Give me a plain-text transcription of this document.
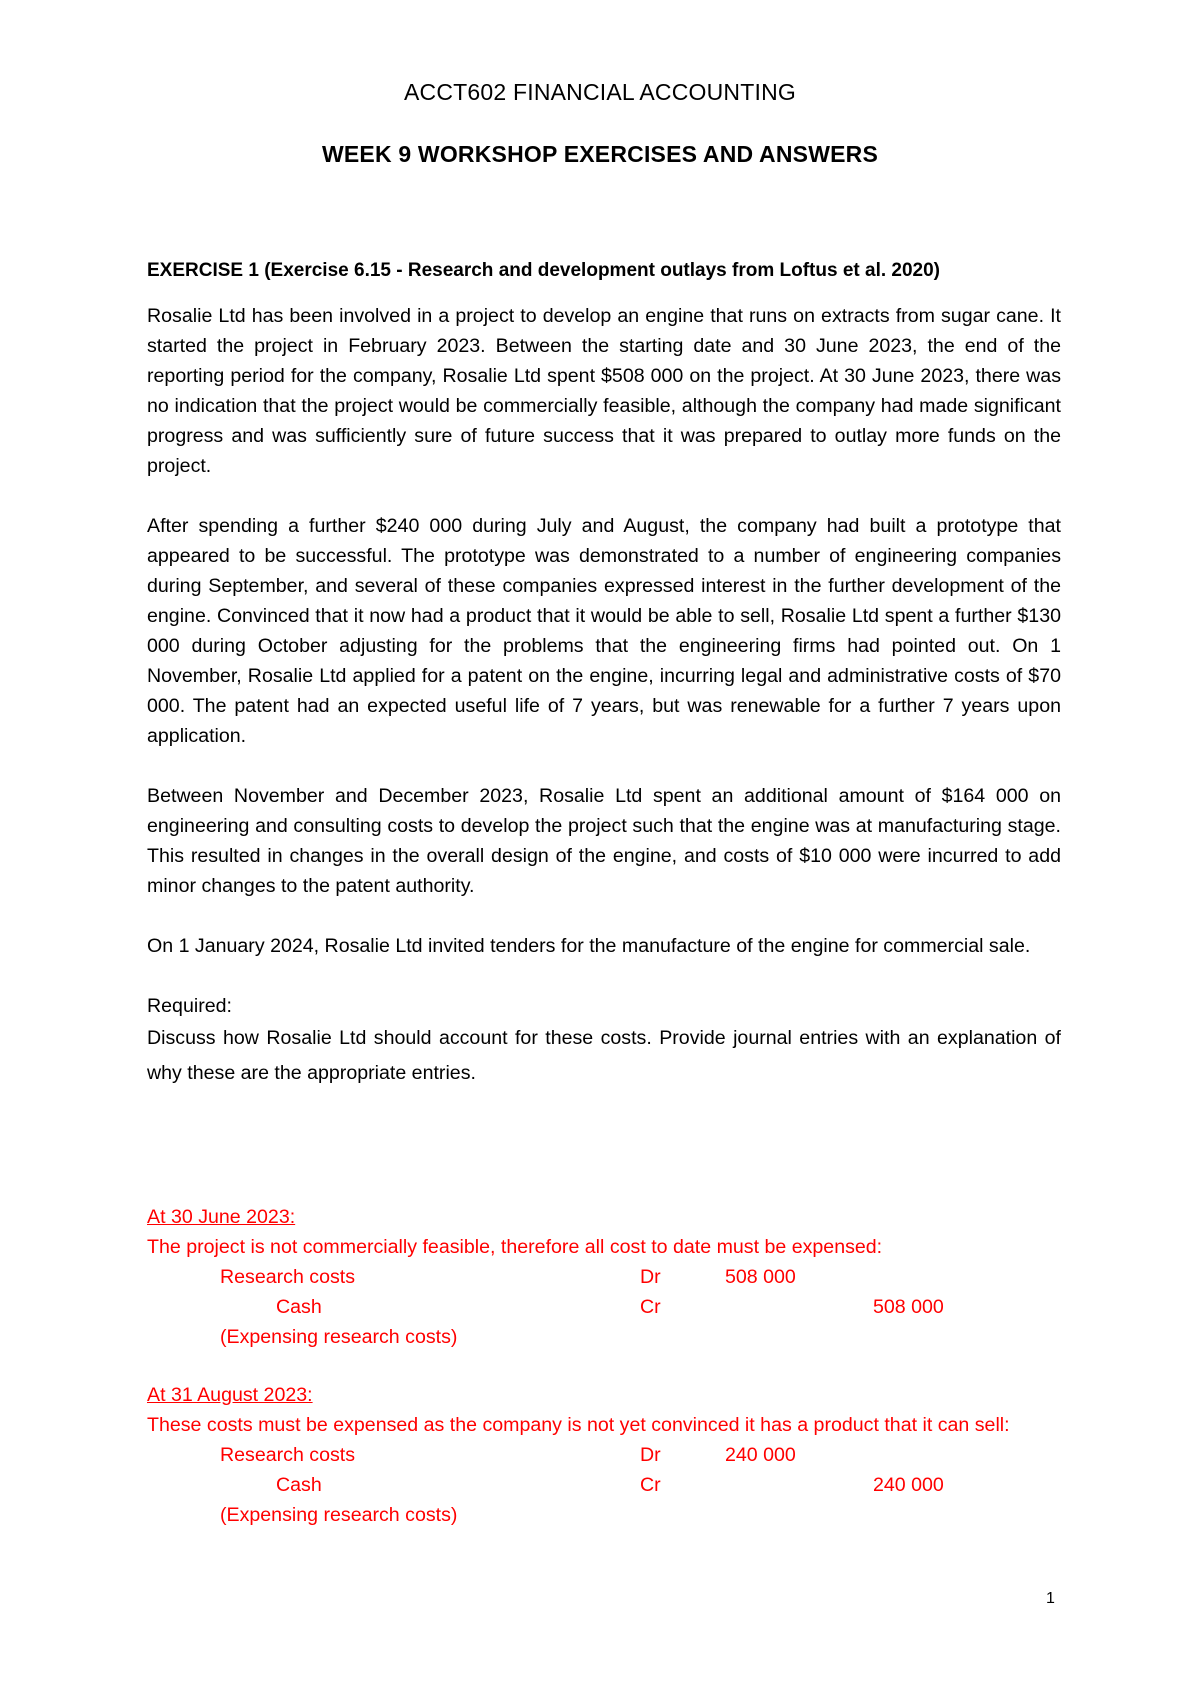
ACCT602 FINANCIAL ACCOUNTING
WEEK 9 WORKSHOP EXERCISES AND ANSWERS
EXERCISE 1 (Exercise 6.15 - Research and development outlays from Loftus et al. 2020)

Rosalie Ltd has been involved in a project to develop an engine that runs on extracts from sugar cane. It started the project in February 2023. Between the starting date and 30 June 2023, the end of the reporting period for the company, Rosalie Ltd spent $508 000 on the project. At 30 June 2023, there was no indication that the project would be commercially feasible, although the company had made significant progress and was sufficiently sure of future success that it was prepared to outlay more funds on the project.

After spending a further $240 000 during July and August, the company had built a prototype that appeared to be successful. The prototype was demonstrated to a number of engineering companies during September, and several of these companies expressed interest in the further development of the engine. Convinced that it now had a product that it would be able to sell, Rosalie Ltd spent a further $130 000 during October adjusting for the problems that the engineering firms had pointed out. On 1 November, Rosalie Ltd applied for a patent on the engine, incurring legal and administrative costs of $70 000. The patent had an expected useful life of 7 years, but was renewable for a further 7 years upon application.

Between November and December 2023, Rosalie Ltd spent an additional amount of $164 000 on engineering and consulting costs to develop the project such that the engine was at manufacturing stage. This resulted in changes in the overall design of the engine, and costs of $10 000 were incurred to add minor changes to the patent authority.

On 1 January 2024, Rosalie Ltd invited tenders for the manufacture of the engine for commercial sale.

Required:
Discuss how Rosalie Ltd should account for these costs. Provide journal entries with an explanation of why these are the appropriate entries.
At 30 June 2023:
The project is not commercially feasible, therefore all cost to date must be expensed:
Research costs	Dr	508 000
Cash	Cr	508 000
(Expensing research costs)
At 31 August 2023:
These costs must be expensed as the company is not yet convinced it has a product that it can sell:
Research costs	Dr	240 000
Cash	Cr	240 000
(Expensing research costs)
1
